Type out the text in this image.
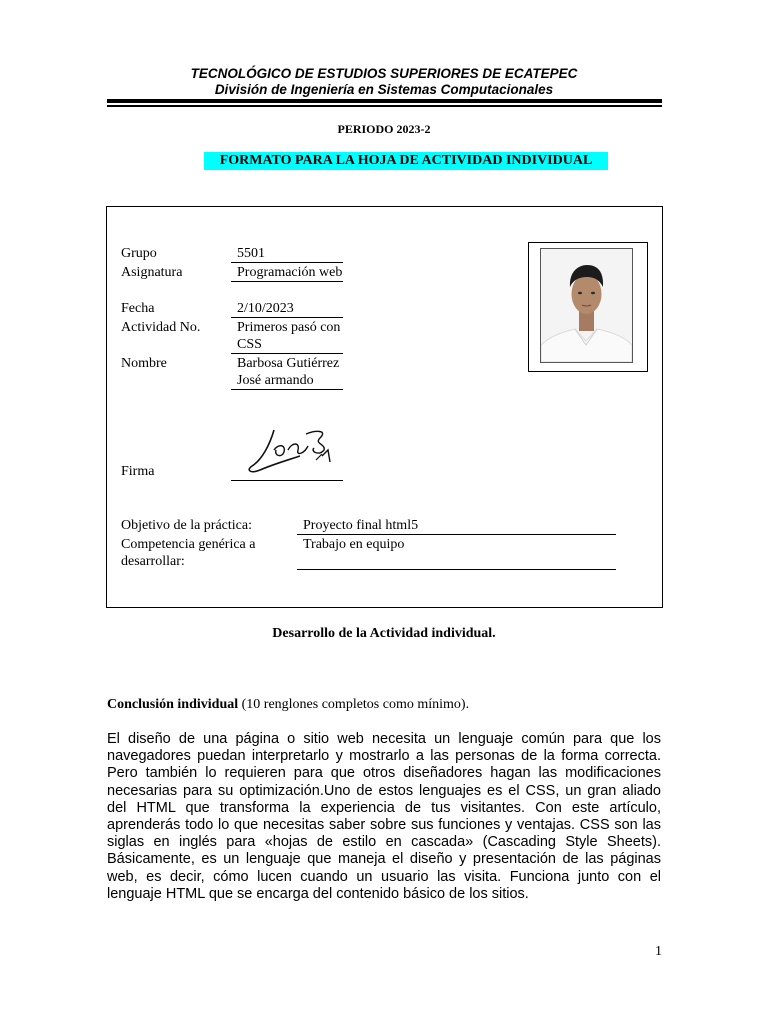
TECNOLÓGICO DE ESTUDIOS SUPERIORES DE ECATEPEC
División de Ingeniería en Sistemas Computacionales
PERIODO 2023-2
FORMATO PARA LA HOJA DE ACTIVIDAD INDIVIDUAL
Grupo	5501
Asignatura	Programación web
Fecha	2/10/2023
Actividad No.	Primeros pasó con CSS
Nombre	Barbosa Gutiérrez José armando
Firma
Objetivo de la práctica:	Proyecto final html5
Competencia genérica a desarrollar:
Trabajo en equipo
Desarrollo de la Actividad individual.
Conclusión individual (10 renglones completos como mínimo).
El diseño de una página o sitio web necesita un lenguaje común para que los navegadores puedan interpretarlo y mostrarlo a las personas de la forma correcta. Pero también lo requieren para que otros diseñadores hagan las modificaciones necesarias para su optimización.Uno de estos lenguajes es el CSS, un gran aliado del HTML que transforma la experiencia de tus visitantes. Con este artículo, aprenderás todo lo que necesitas saber sobre sus funciones y ventajas. CSS son las siglas en inglés para «hojas de estilo en cascada» (Cascading Style Sheets). Básicamente, es un lenguaje que maneja el diseño y presentación de las páginas web, es decir, cómo lucen cuando un usuario las visita. Funciona junto con el lenguaje HTML que se encarga del contenido básico de los sitios.
1
